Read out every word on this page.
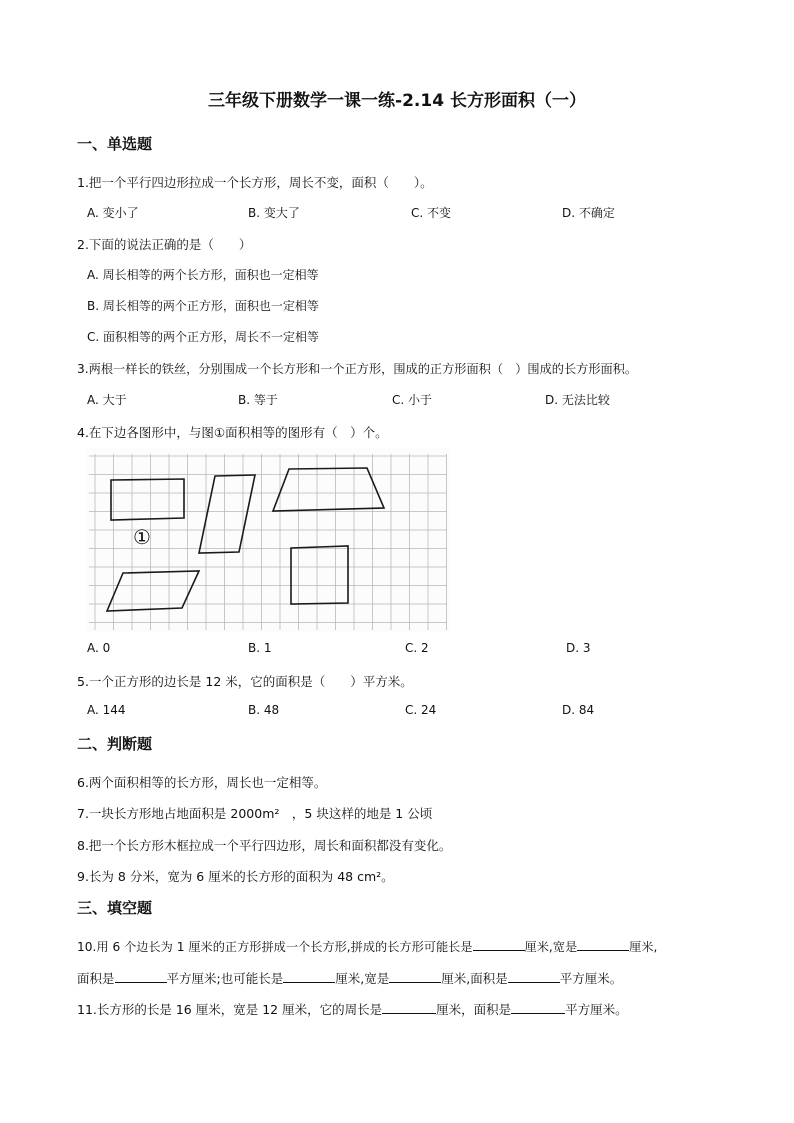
三年级下册数学一课一练-2.14 长方形面积（一）
一、单选题
1.把一个平行四边形拉成一个长方形，周长不变，面积（　　）。
A. 变小了	B. 变大了	C. 不变	D. 不确定
2.下面的说法正确的是（　　）
A. 周长相等的两个长方形，面积也一定相等
B. 周长相等的两个正方形，面积也一定相等
C. 面积相等的两个正方形，周长不一定相等
3.两根一样长的铁丝，分别围成一个长方形和一个正方形，围成的正方形面积（　）围成的长方形面积。
A. 大于	B. 等于	C. 小于	D. 无法比较
4.在下边各图形中，与图①面积相等的图形有（　）个。
①
A. 0	B. 1	C. 2	D. 3
5.一个正方形的边长是 12 米，它的面积是（　　）平方米。
A. 144	B. 48	C. 24	D. 84
二、判断题
6.两个面积相等的长方形，周长也一定相等。
7.一块长方形地占地面积是 2000m²　，5 块这样的地是 1 公顷
8.把一个长方形木框拉成一个平行四边形，周长和面积都没有变化。
9.长为 8 分米，宽为 6 厘米的长方形的面积为 48 cm²。
三、填空题
10.用 6 个边长为 1 厘米的正方形拼成一个长方形,拼成的长方形可能长是	厘米,宽是	厘米,
面积是	平方厘米;也可能长是	厘米,宽是	厘米,面积是	平方厘米。
11.长方形的长是 16 厘米，宽是 12 厘米，它的周长是	厘米，面积是	平方厘米。
